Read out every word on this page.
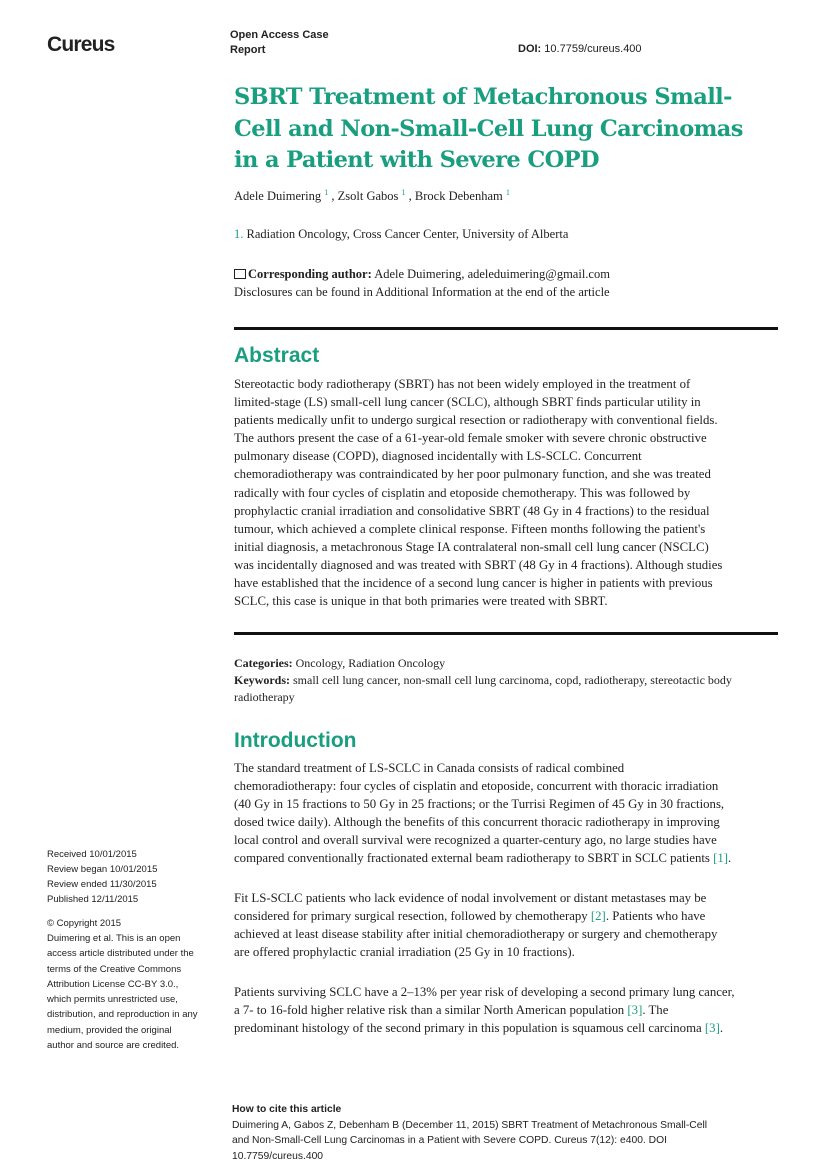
Cureus	Open Access Case
Report	DOI: 10.7759/cureus.400
SBRT Treatment of Metachronous Small-
Cell and Non-Small-Cell Lung Carcinomas
in a Patient with Severe COPD
Adele Duimering $^1$ , Zsolt Gabos $^1$ , Brock Debenham $^1$
1. Radiation Oncology, Cross Cancer Center, University of Alberta
Corresponding author: Adele Duimering, adeleduimering@gmail.com
Disclosures can be found in Additional Information at the end of the article
Abstract
Stereotactic body radiotherapy (SBRT) has not been widely employed in the treatment of
limited-stage (LS) small-cell lung cancer (SCLC), although SBRT finds particular utility in
patients medically unfit to undergo surgical resection or radiotherapy with conventional fields.
The authors present the case of a 61-year-old female smoker with severe chronic obstructive
pulmonary disease (COPD), diagnosed incidentally with LS-SCLC. Concurrent
chemoradiotherapy was contraindicated by her poor pulmonary function, and she was treated
radically with four cycles of cisplatin and etoposide chemotherapy. This was followed by
prophylactic cranial irradiation and consolidative SBRT (48 Gy in 4 fractions) to the residual
tumour, which achieved a complete clinical response. Fifteen months following the patient's
initial diagnosis, a metachronous Stage IA contralateral non-small cell lung cancer (NSCLC)
was incidentally diagnosed and was treated with SBRT (48 Gy in 4 fractions). Although studies
have established that the incidence of a second lung cancer is higher in patients with previous
SCLC, this case is unique in that both primaries were treated with SBRT.
Categories: Oncology, Radiation Oncology
Keywords: small cell lung cancer, non-small cell lung carcinoma, copd, radiotherapy, stereotactic body
radiotherapy
Introduction
The standard treatment of LS-SCLC in Canada consists of radical combined
chemoradiotherapy: four cycles of cisplatin and etoposide, concurrent with thoracic irradiation
(40 Gy in 15 fractions to 50 Gy in 25 fractions; or the Turrisi Regimen of 45 Gy in 30 fractions,
dosed twice daily). Although the benefits of this concurrent thoracic radiotherapy in improving
local control and overall survival were recognized a quarter-century ago, no large studies have
compared conventionally fractionated external beam radiotherapy to SBRT in SCLC patients [1].
Fit LS-SCLC patients who lack evidence of nodal involvement or distant metastases may be
considered for primary surgical resection, followed by chemotherapy [2]. Patients who have
achieved at least disease stability after initial chemoradiotherapy or surgery and chemotherapy
are offered prophylactic cranial irradiation (25 Gy in 10 fractions).
Patients surviving SCLC have a 2–13% per year risk of developing a second primary lung cancer,
a 7- to 16-fold higher relative risk than a similar North American population [3]. The
predominant histology of the second primary in this population is squamous cell carcinoma [3].
Received 10/01/2015
Review began 10/01/2015
Review ended 11/30/2015
Published 12/11/2015
© Copyright 2015
Duimering et al. This is an open
access article distributed under the
terms of the Creative Commons
Attribution License CC-BY 3.0.,
which permits unrestricted use,
distribution, and reproduction in any
medium, provided the original
author and source are credited.
How to cite this article
Duimering A, Gabos Z, Debenham B (December 11, 2015) SBRT Treatment of Metachronous Small-Cell
and Non-Small-Cell Lung Carcinomas in a Patient with Severe COPD. Cureus 7(12): e400. DOI
10.7759/cureus.400
